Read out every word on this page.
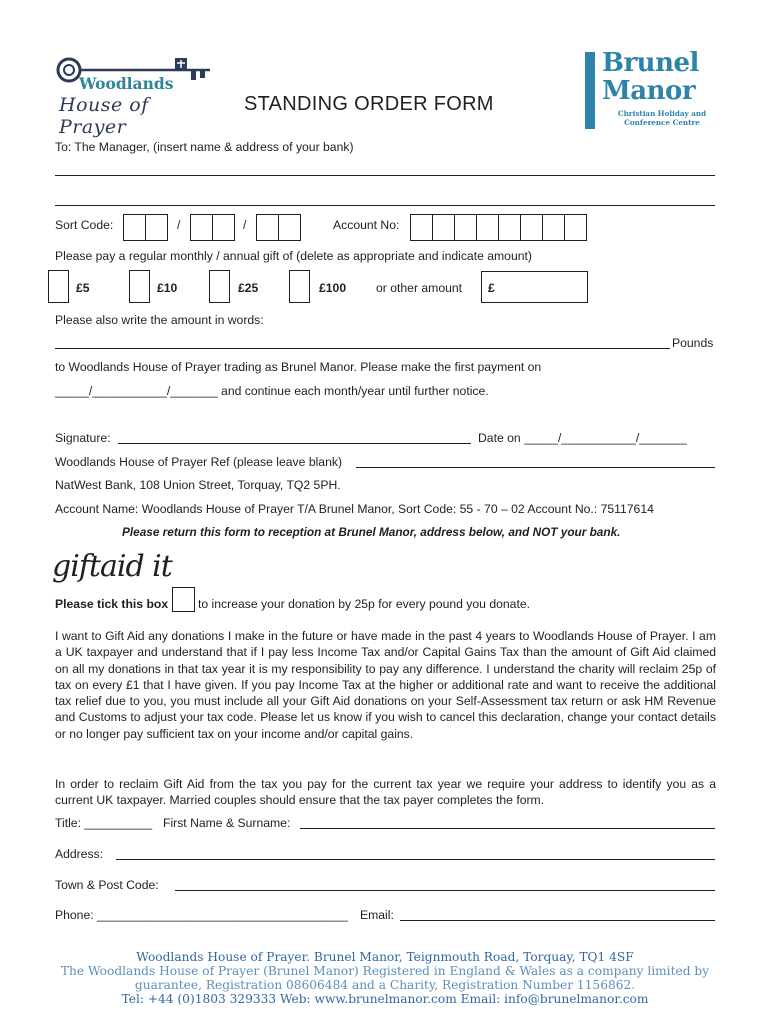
Woodlands
House of Prayer
Brunel
Manor
Christian Holiday and Conference Centre
STANDING ORDER FORM
To: The Manager, (insert name & address of your bank)
Sort Code:	/	/	Account No:
Please pay a regular monthly / annual gift of (delete as appropriate and indicate amount)
£5	£10	£25	£100 or other amount £
Please also write the amount in words:
Pounds
to Woodlands House of Prayer trading as Brunel Manor. Please make the first payment on
_____/___________/_______ and continue each month/year until further notice.
Signature:	Date on _____/___________/_______
Woodlands House of Prayer Ref (please leave blank)
NatWest Bank, 108 Union Street, Torquay, TQ2 5PH.
Account Name: Woodlands House of Prayer T/A Brunel Manor, Sort Code: 55 - 70 – 02 Account No.: 75117614
Please return this form to reception at Brunel Manor, address below, and NOT your bank.
giftaid it
Please tick this box to increase your donation by 25p for every pound you donate.
I want to Gift Aid any donations I make in the future or have made in the past 4 years to Woodlands House of Prayer. I am a UK taxpayer and understand that if I pay less Income Tax and/or Capital Gains Tax than the amount of Gift Aid claimed on all my donations in that tax year it is my responsibility to pay any difference. I understand the charity will reclaim 25p of tax on every £1 that I have given. If you pay Income Tax at the higher or additional rate and want to receive the additional tax relief due to you, you must include all your Gift Aid donations on your Self-Assessment tax return or ask HM Revenue and Customs to adjust your tax code. Please let us know if you wish to cancel this declaration, change your contact details or no longer pay sufficient tax on your income and/or capital gains.
In order to reclaim Gift Aid from the tax you pay for the current tax year we require your address to identify you as a current UK taxpayer. Married couples should ensure that the tax payer completes the form.
Title: __________ First Name & Surname:
Address:
Town & Post Code:
Phone: _____________________________________ Email:
Woodlands House of Prayer. Brunel Manor, Teignmouth Road, Torquay, TQ1 4SF
The Woodlands House of Prayer (Brunel Manor) Registered in England & Wales as a company limited by
guarantee, Registration 08606484 and a Charity, Registration Number 1156862.
Tel: +44 (0)1803 329333 Web: www.brunelmanor.com Email: info@brunelmanor.com
